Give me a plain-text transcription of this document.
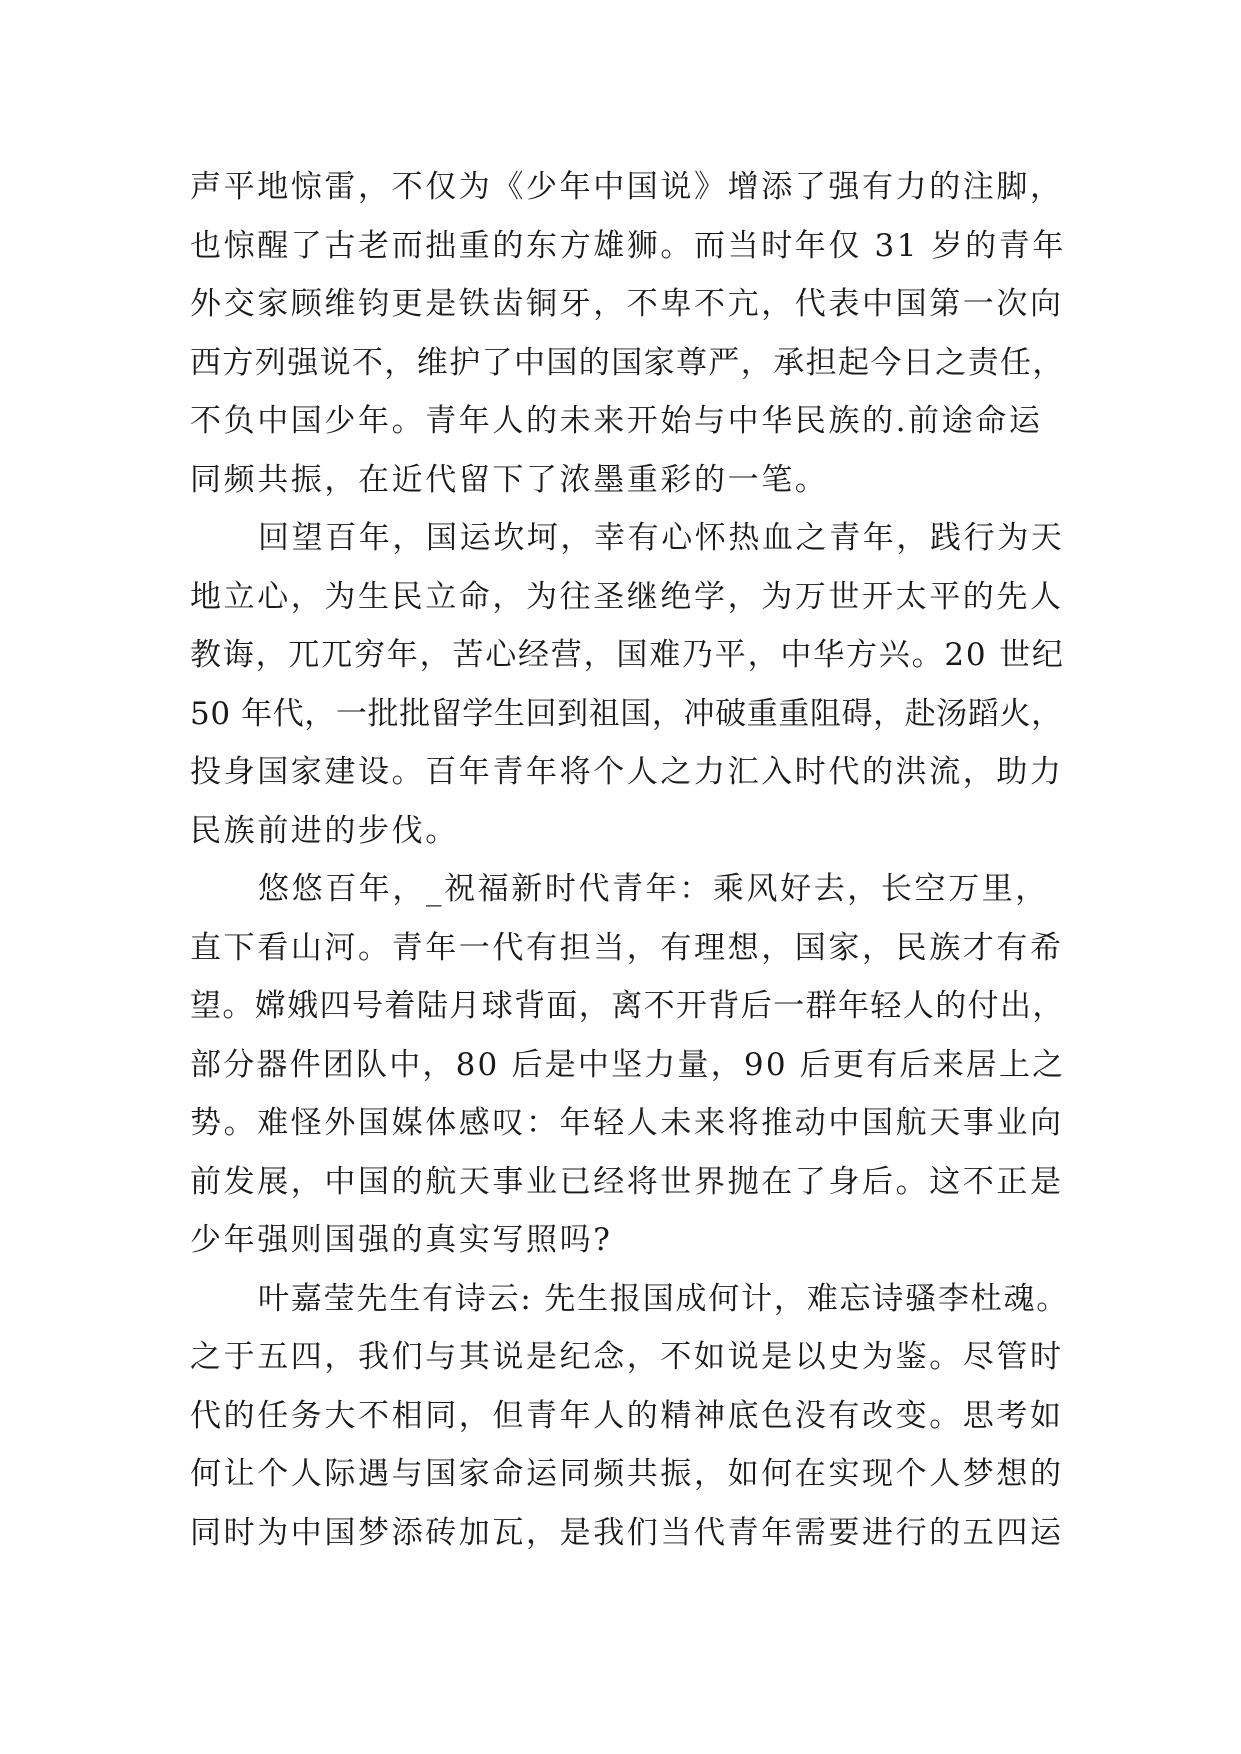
声平地惊雷，不仅为《少年中国说》增添了强有力的注脚，
也惊醒了古老而拙重的东方雄狮。而当时年仅 31 岁的青年
外交家顾维钧更是铁齿铜牙，不卑不亢，代表中国第一次向
西方列强说不，维护了中国的国家尊严，承担起今日之责任，
不负中国少年。青年人的未来开始与中华民族的.前途命运
同频共振，在近代留下了浓墨重彩的一笔。
回望百年，国运坎坷，幸有心怀热血之青年，践行为天
地立心，为生民立命，为往圣继绝学，为万世开太平的先人
教诲，兀兀穷年，苦心经营，国难乃平，中华方兴。20 世纪
50 年代，一批批留学生回到祖国，冲破重重阻碍，赴汤蹈火，
投身国家建设。百年青年将个人之力汇入时代的洪流，助力
民族前进的步伐。
悠悠百年，_祝福新时代青年：乘风好去，长空万里，
直下看山河。青年一代有担当，有理想，国家，民族才有希
望。嫦娥四号着陆月球背面，离不开背后一群年轻人的付出，
部分器件团队中，80 后是中坚力量，90 后更有后来居上之
势。难怪外国媒体感叹：年轻人未来将推动中国航天事业向
前发展，中国的航天事业已经将世界抛在了身后。这不正是
少年强则国强的真实写照吗?
叶嘉莹先生有诗云: 先生报国成何计，难忘诗骚李杜魂。
之于五四，我们与其说是纪念，不如说是以史为鉴。尽管时
代的任务大不相同，但青年人的精神底色没有改变。思考如
何让个人际遇与国家命运同频共振，如何在实现个人梦想的
同时为中国梦添砖加瓦，是我们当代青年需要进行的五四运
